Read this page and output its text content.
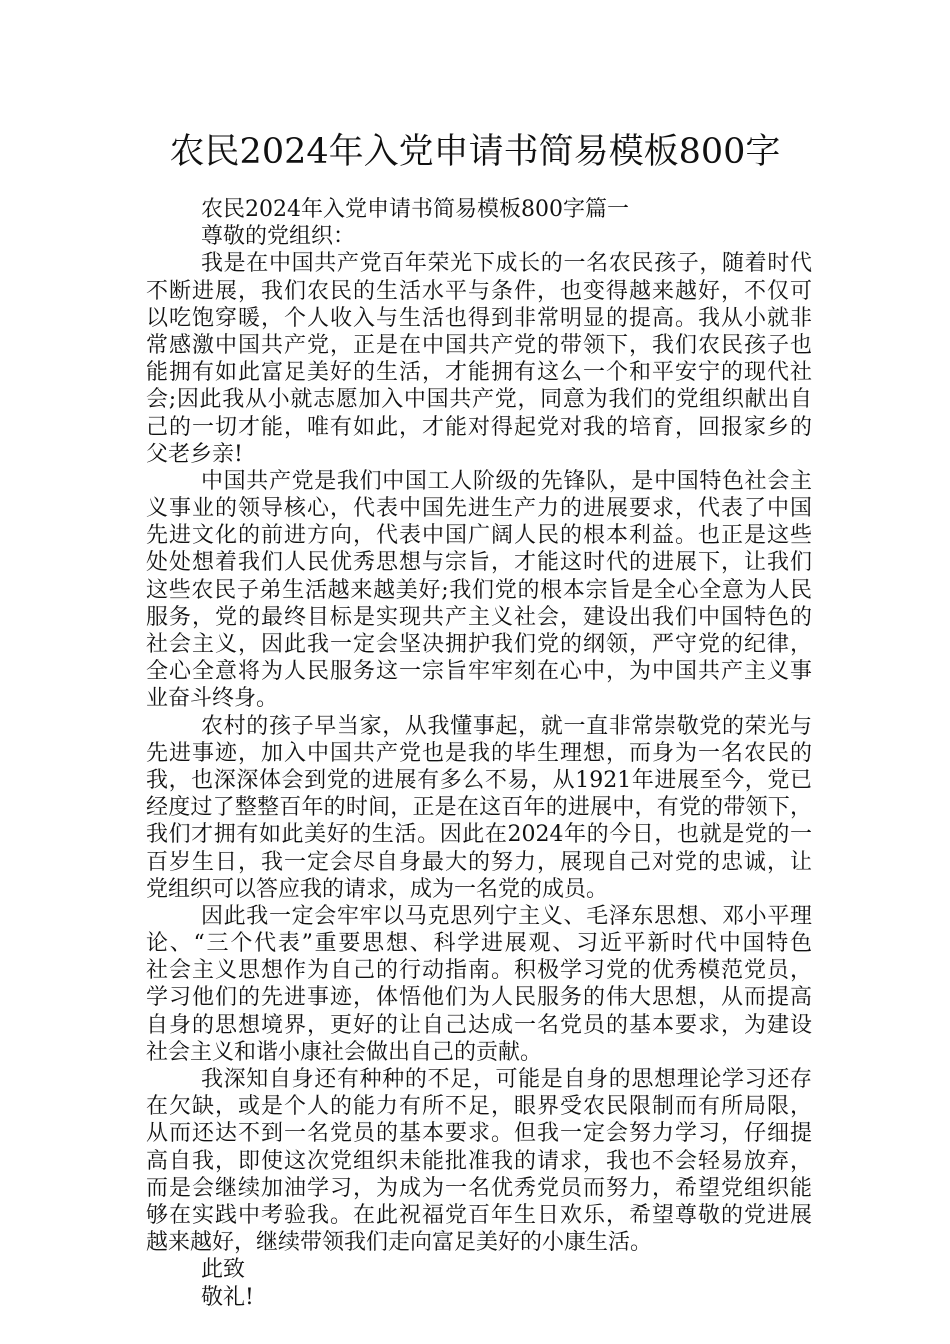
农民2024年入党申请书简易模板800字
农民2024年入党申请书简易模板800字篇一
尊敬的党组织：
我是在中国共产党百年荣光下成长的一名农民孩子，随着时代
不断进展，我们农民的生活水平与条件，也变得越来越好，不仅可
以吃饱穿暖，个人收入与生活也得到非常明显的提高。我从小就非
常感激中国共产党，正是在中国共产党的带领下，我们农民孩子也
能拥有如此富足美好的生活，才能拥有这么一个和平安宁的现代社
会;因此我从小就志愿加入中国共产党，同意为我们的党组织献出自
己的一切才能，唯有如此，才能对得起党对我的培育，回报家乡的
父老乡亲!
中国共产党是我们中国工人阶级的先锋队，是中国特色社会主
义事业的领导核心，代表中国先进生产力的进展要求，代表了中国
先进文化的前进方向，代表中国广阔人民的根本利益。也正是这些
处处想着我们人民优秀思想与宗旨，才能这时代的进展下，让我们
这些农民子弟生活越来越美好;我们党的根本宗旨是全心全意为人民
服务，党的最终目标是实现共产主义社会，建设出我们中国特色的
社会主义，因此我一定会坚决拥护我们党的纲领，严守党的纪律，
全心全意将为人民服务这一宗旨牢牢刻在心中，为中国共产主义事
业奋斗终身。
农村的孩子早当家，从我懂事起，就一直非常崇敬党的荣光与
先进事迹，加入中国共产党也是我的毕生理想，而身为一名农民的
我，也深深体会到党的进展有多么不易，从1921年进展至今，党已
经度过了整整百年的时间，正是在这百年的进展中，有党的带领下，
我们才拥有如此美好的生活。因此在2024年的今日，也就是党的一
百岁生日，我一定会尽自身最大的努力，展现自己对党的忠诚，让
党组织可以答应我的请求，成为一名党的成员。
因此我一定会牢牢以马克思列宁主义、毛泽东思想、邓小平理
论、“三个代表”重要思想、科学进展观、习近平新时代中国特色
社会主义思想作为自己的行动指南。积极学习党的优秀模范党员，
学习他们的先进事迹，体悟他们为人民服务的伟大思想，从而提高
自身的思想境界，更好的让自己达成一名党员的基本要求，为建设
社会主义和谐小康社会做出自己的贡献。
我深知自身还有种种的不足，可能是自身的思想理论学习还存
在欠缺，或是个人的能力有所不足，眼界受农民限制而有所局限，
从而还达不到一名党员的基本要求。但我一定会努力学习，仔细提
高自我，即使这次党组织未能批准我的请求，我也不会轻易放弃，
而是会继续加油学习，为成为一名优秀党员而努力，希望党组织能
够在实践中考验我。在此祝福党百年生日欢乐，希望尊敬的党进展
越来越好，继续带领我们走向富足美好的小康生活。
此致
敬礼!
